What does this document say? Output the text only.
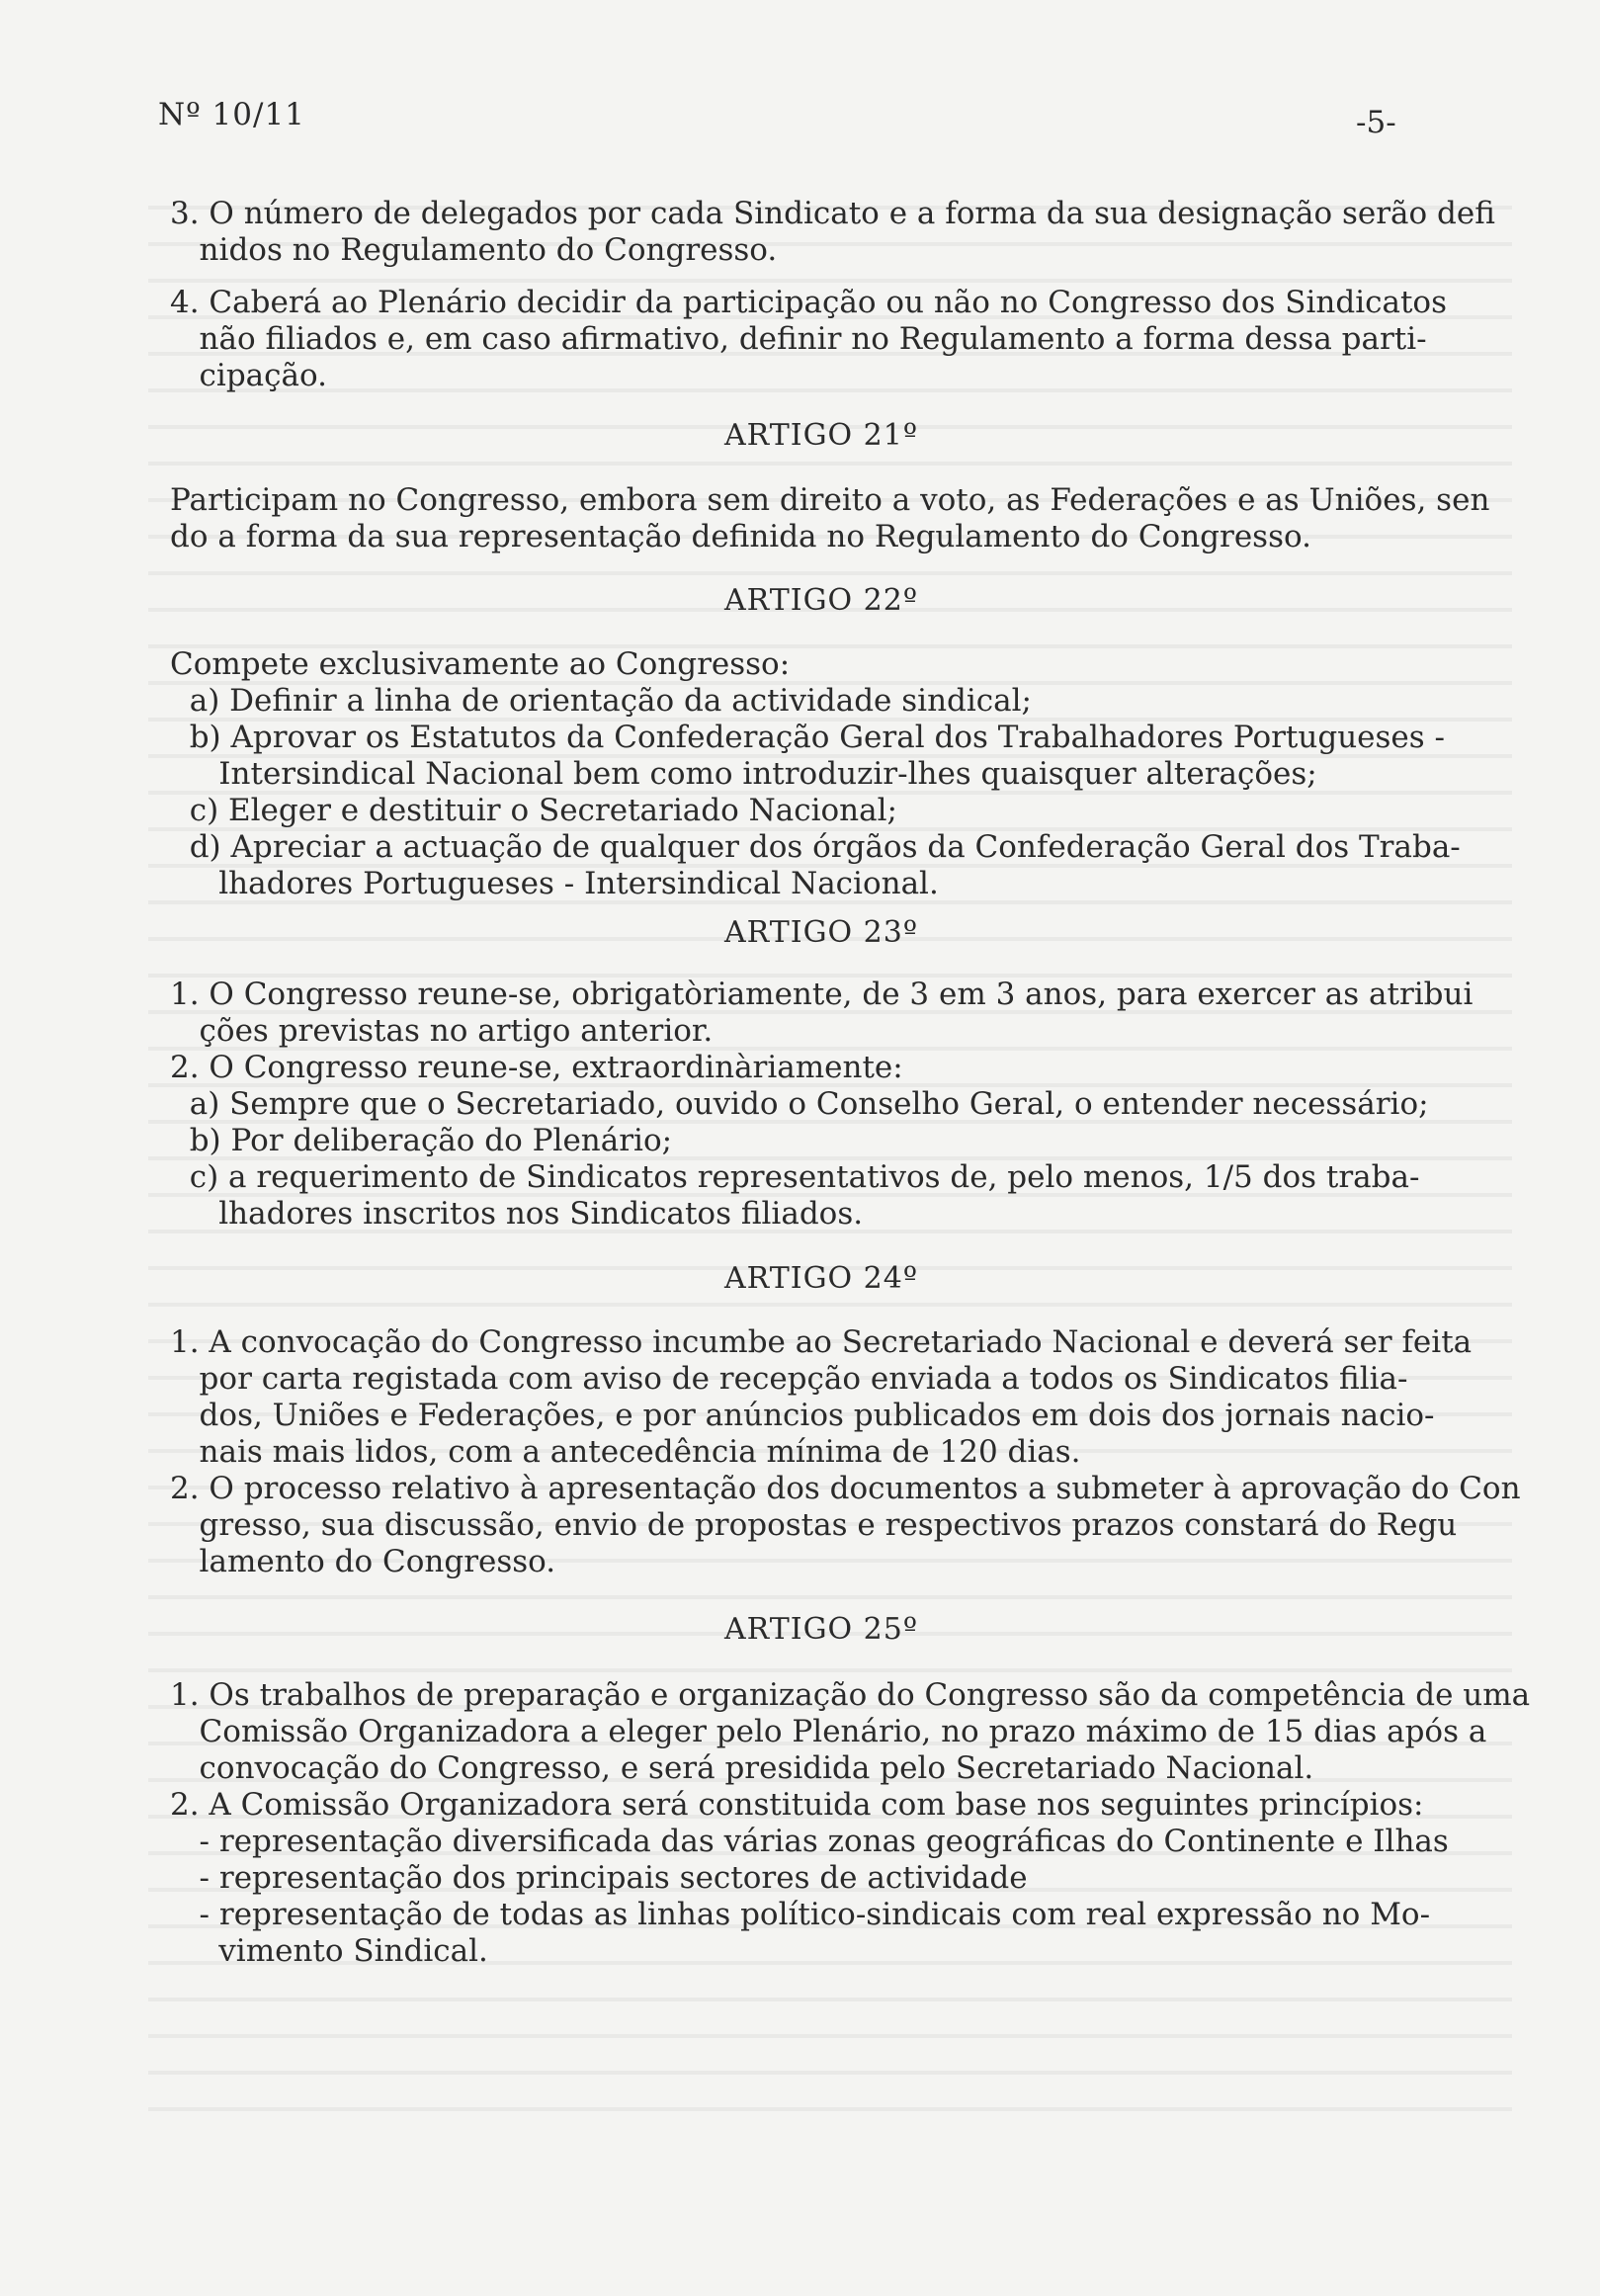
Nº 10/11	-5-
3. O número de delegados por cada Sindicato e a forma da sua designação serão defi
nidos no Regulamento do Congresso.
4. Caberá ao Plenário decidir da participação ou não no Congresso dos Sindicatos
não filiados e, em caso afirmativo, definir no Regulamento a forma dessa parti-
cipação.
ARTIGO 21º
Participam no Congresso, embora sem direito a voto, as Federações e as Uniões, sen
do a forma da sua representação definida no Regulamento do Congresso.
ARTIGO 22º
Compete exclusivamente ao Congresso:
a) Definir a linha de orientação da actividade sindical;
b) Aprovar os Estatutos da Confederação Geral dos Trabalhadores Portugueses -
Intersindical Nacional bem como introduzir-lhes quaisquer alterações;
c) Eleger e destituir o Secretariado Nacional;
d) Apreciar a actuação de qualquer dos órgãos da Confederação Geral dos Traba-
lhadores Portugueses - Intersindical Nacional.
ARTIGO 23º
1. O Congresso reune-se, obrigatòriamente, de 3 em 3 anos, para exercer as atribui
ções previstas no artigo anterior.
2. O Congresso reune-se, extraordinàriamente:
a) Sempre que o Secretariado, ouvido o Conselho Geral, o entender necessário;
b) Por deliberação do Plenário;
c) a requerimento de Sindicatos representativos de, pelo menos, 1/5 dos traba-
lhadores inscritos nos Sindicatos filiados.
ARTIGO 24º
1. A convocação do Congresso incumbe ao Secretariado Nacional e deverá ser feita
por carta registada com aviso de recepção enviada a todos os Sindicatos filia-
dos, Uniões e Federações, e por anúncios publicados em dois dos jornais nacio-
nais mais lidos, com a antecedência mínima de 120 dias.
2. O processo relativo à apresentação dos documentos a submeter à aprovação do Con
gresso, sua discussão, envio de propostas e respectivos prazos constará do Regu
lamento do Congresso.
ARTIGO 25º
1. Os trabalhos de preparação e organização do Congresso são da competência de uma
Comissão Organizadora a eleger pelo Plenário, no prazo máximo de 15 dias após a
convocação do Congresso, e será presidida pelo Secretariado Nacional.
2. A Comissão Organizadora será constituida com base nos seguintes princípios:
- representação diversificada das várias zonas geográficas do Continente e Ilhas
- representação dos principais sectores de actividade
- representação de todas as linhas político-sindicais com real expressão no Mo-
vimento Sindical.
